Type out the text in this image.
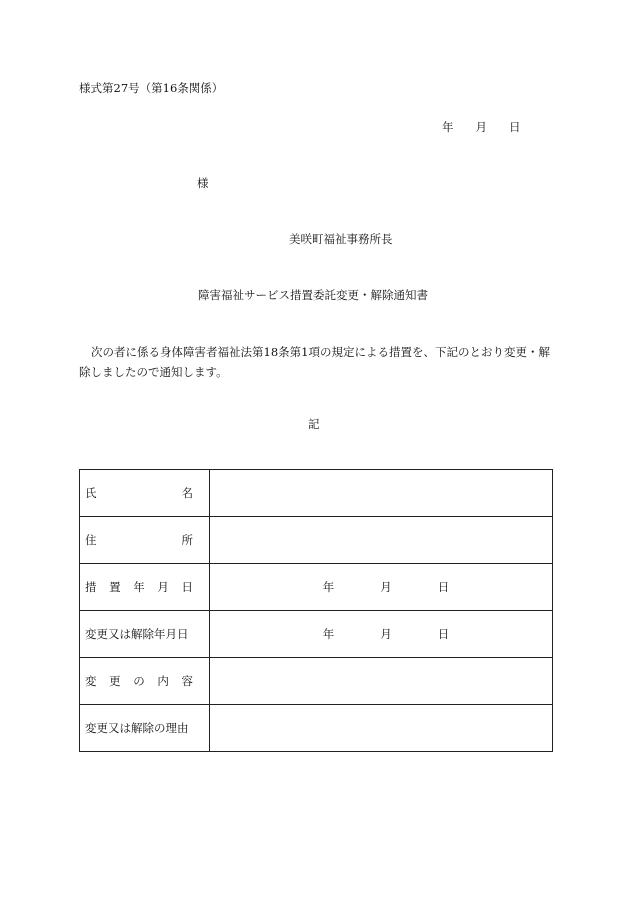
様式第27号（第16条関係）
年 月 日
様
美咲町福祉事務所長
障害福祉サービス措置委託変更・解除通知書
次の者に係る身体障害者福祉法第18条第1項の規定による措置を、下記のとおり変更・解除しましたので通知します。
記
氏 名	

住 所	

措 置 年 月 日	年 月 日

変更又は解除年月日	年 月 日

変 更 の 内 容	

変更又は解除の理由	
